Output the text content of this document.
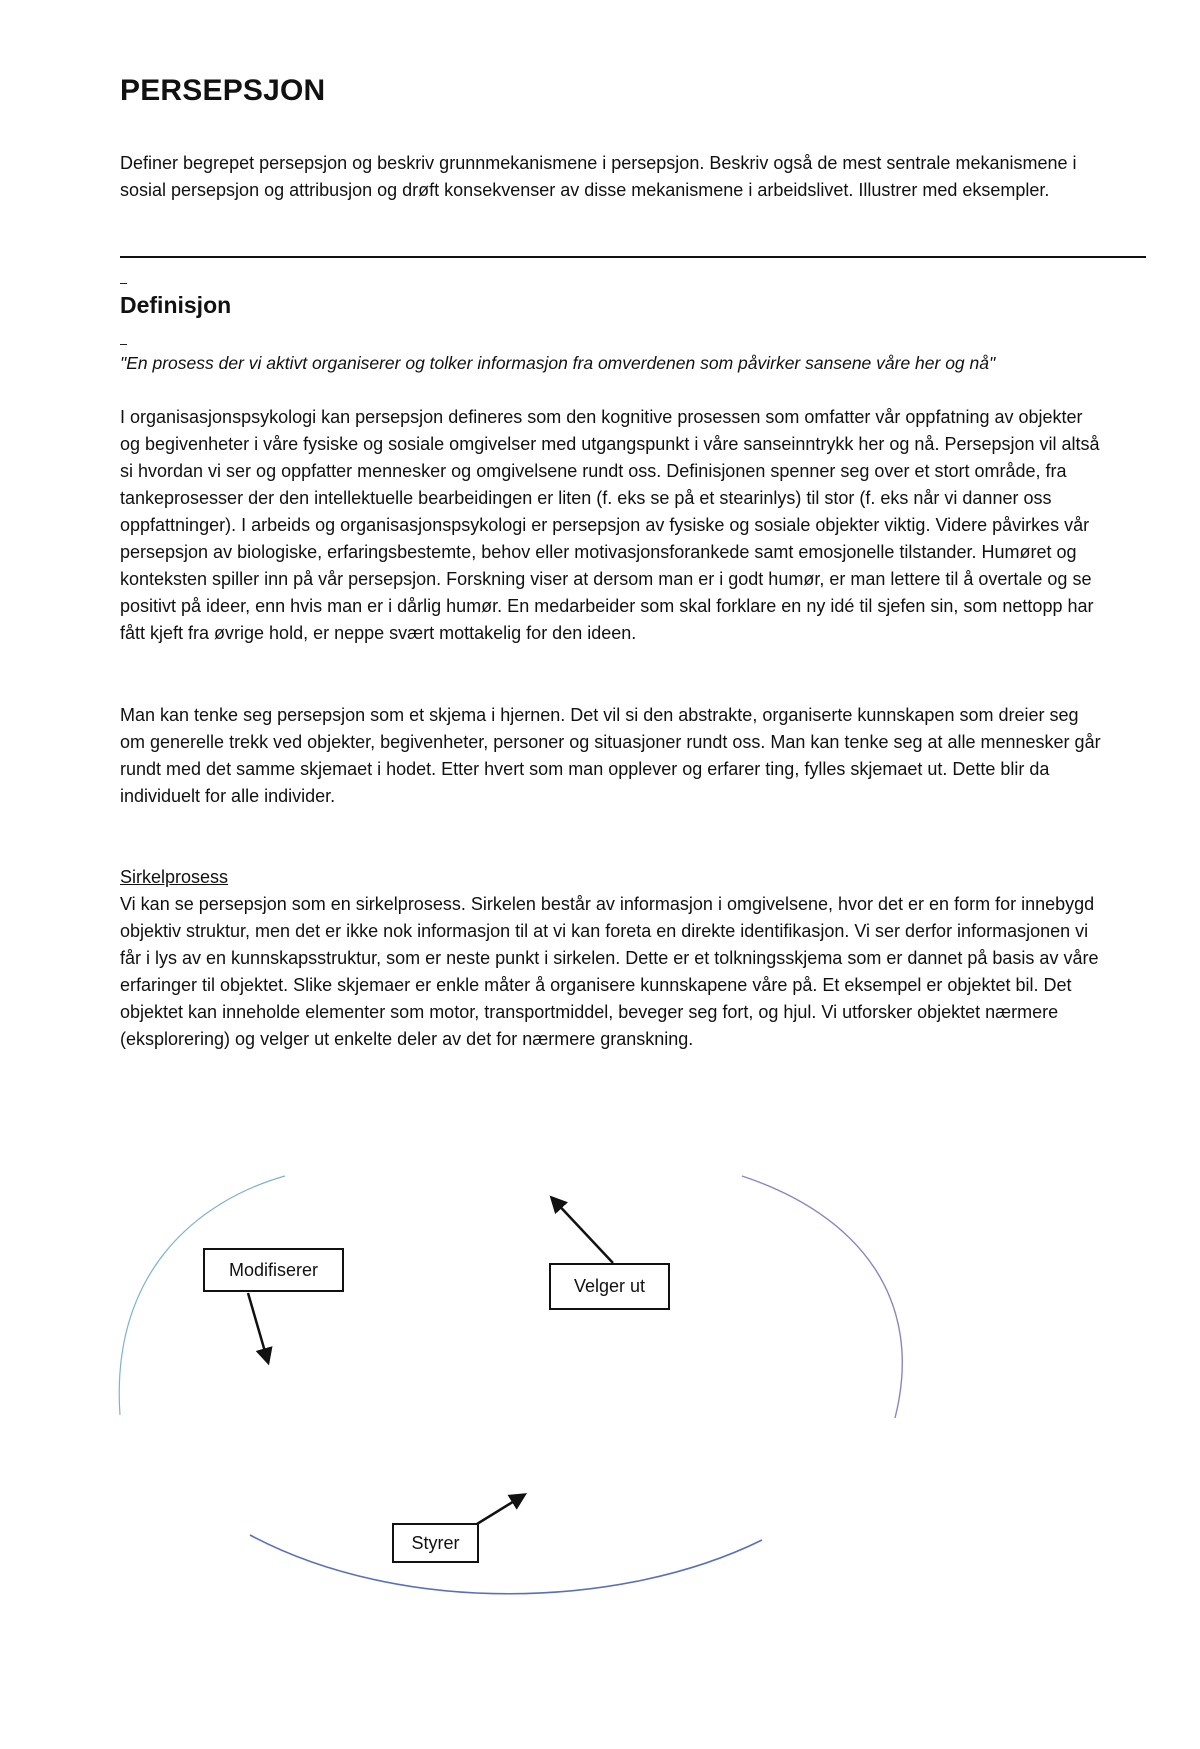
PERSEPSJON

Definer begrepet persepsjon og beskriv grunnmekanismene i persepsjon. Beskriv også de mest sentrale mekanismene i sosial persepsjon og attribusjon og drøft konsekvenser av disse mekanismene i arbeidslivet. Illustrer med eksempler.

Definisjon

"En prosess der vi aktivt organiserer og tolker informasjon fra omverdenen som påvirker sansene våre her og nå"

I organisasjonspsykologi kan persepsjon defineres som den kognitive prosessen som omfatter vår oppfatning av objekter og begivenheter i våre fysiske og sosiale omgivelser med utgangspunkt i våre sanseinntrykk her og nå. Persepsjon vil altså si hvordan vi ser og oppfatter mennesker og omgivelsene rundt oss. Definisjonen spenner seg over et stort område, fra tankeprosesser der den intellektuelle bearbeidingen er liten (f. eks se på et stearinlys) til stor (f. eks når vi danner oss oppfattninger). I arbeids og organisasjonspsykologi er persepsjon av fysiske og sosiale objekter viktig. Videre påvirkes vår persepsjon av biologiske, erfaringsbestemte, behov eller motivasjonsforankede samt emosjonelle tilstander. Humøret og konteksten spiller inn på vår persepsjon. Forskning viser at dersom man er i godt humør, er man lettere til å overtale og se positivt på ideer, enn hvis man er i dårlig humør. En medarbeider som skal forklare en ny idé til sjefen sin, som nettopp har fått kjeft fra øvrige hold, er neppe svært mottakelig for den ideen.

Man kan tenke seg persepsjon som et skjema i hjernen. Det vil si den abstrakte, organiserte kunnskapen som dreier seg om generelle trekk ved objekter, begivenheter, personer og situasjoner rundt oss. Man kan tenke seg at alle mennesker går rundt med det samme skjemaet i hodet. Etter hvert som man opplever og erfarer ting, fylles skjemaet ut. Dette blir da individuelt for alle individer.

Sirkelprosess

Vi kan se persepsjon som en sirkelprosess. Sirkelen består av informasjon i omgivelsene, hvor det er en form for innebygd objektiv struktur, men det er ikke nok informasjon til at vi kan foreta en direkte identifikasjon. Vi ser derfor informasjonen vi får i lys av en kunnskapsstruktur, som er neste punkt i sirkelen. Dette er et tolkningsskjema som er dannet på basis av våre erfaringer til objektet. Slike skjemaer er enkle måter å organisere kunnskapene våre på. Et eksempel er objektet bil. Det objektet kan inneholde elementer som motor, transportmiddel, beveger seg fort, og hjul. Vi utforsker objektet nærmere (eksplorering) og velger ut enkelte deler av det for nærmere granskning.

Modifiserer
Velger ut
Styrer
